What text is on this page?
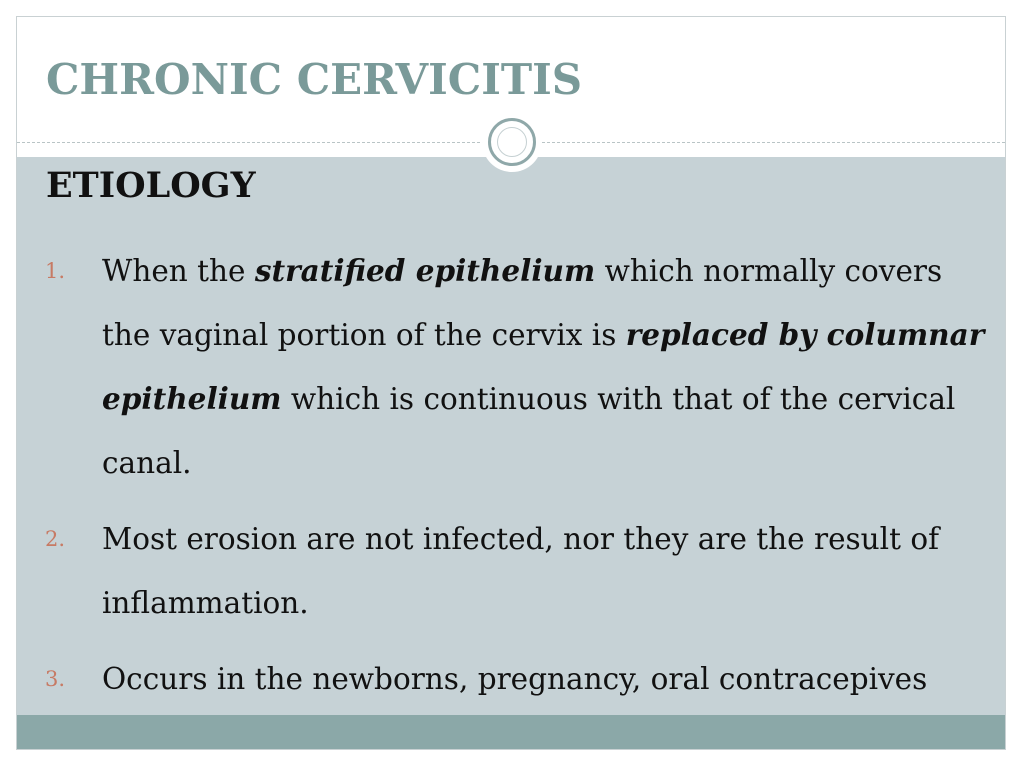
CHRONIC CERVICITIS
ETIOLOGY
1. When the stratified epithelium which normally covers the vaginal portion of the cervix is replaced by columnar epithelium which is continuous with that of the cervical canal.
2. Most erosion are not infected, nor they are the result of inflammation.
3. Occurs in the newborns, pregnancy, oral contracepives
